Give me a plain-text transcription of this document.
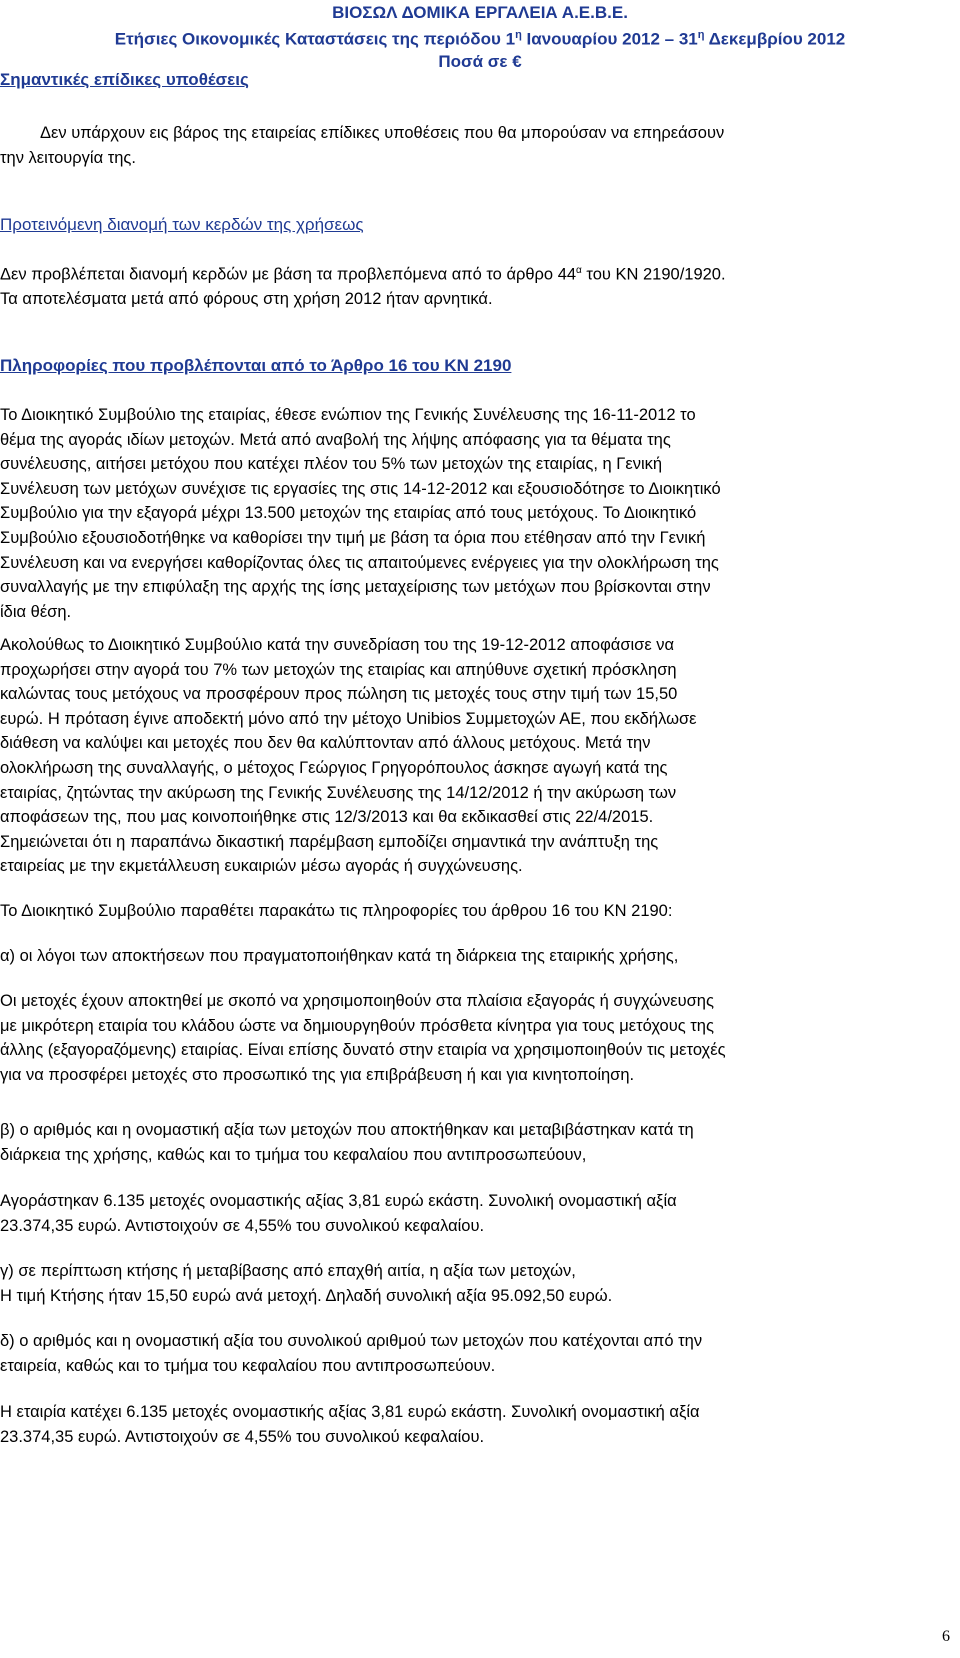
ΒΙΟΣΩΛ ΔΟΜΙΚΑ ΕΡΓΑΛΕΙΑ Α.Ε.Β.Ε.
Ετήσιες Οικονομικές Καταστάσεις της περιόδου $1^\eta$ Ιανουαρίου $2012 - 31^\eta$ Δεκεμβρίου 2012
Ποσά σε €
Σημαντικές επίδικες υποθέσεις
Δεν υπάρχουν εις βάρος της εταιρείας επίδικες υποθέσεις που θα μπορούσαν να επηρεάσουν
την λειτουργία της.
Προτεινόμενη διανομή των κερδών της χρήσεως
Δεν προβλέπεται διανομή κερδών με βάση τα προβλεπόμενα από το άρθρο $44^\alpha$ του ΚΝ 2190/1920.
Τα αποτελέσματα μετά από φόρους στη χρήση 2012 ήταν αρνητικά.
Πληροφορίες που προβλέπονται από το Άρθρο 16 του ΚΝ 2190
Το Διοικητικό Συμβούλιο της εταιρίας, έθεσε ενώπιον της Γενικής Συνέλευσης της 16-11-2012 το
θέμα της αγοράς ιδίων μετοχών. Μετά από αναβολή της λήψης απόφασης για τα θέματα της
συνέλευσης, αιτήσει μετόχου που κατέχει πλέον του 5% των μετοχών της εταιρίας, η Γενική
Συνέλευση των μετόχων συνέχισε τις εργασίες της στις 14-12-2012 και εξουσιοδότησε το Διοικητικό
Συμβούλιο για την εξαγορά μέχρι 13.500 μετοχών της εταιρίας από τους μετόχους. Το Διοικητικό
Συμβούλιο εξουσιοδοτήθηκε να καθορίσει την τιμή με βάση τα όρια που ετέθησαν από την Γενική
Συνέλευση και να ενεργήσει καθορίζοντας όλες τις απαιτούμενες ενέργειες για την ολοκλήρωση της
συναλλαγής με την επιφύλαξη της αρχής της ίσης μεταχείρισης των μετόχων που βρίσκονται στην
ίδια θέση.
Ακολούθως το Διοικητικό Συμβούλιο κατά την συνεδρίαση του της 19-12-2012 αποφάσισε να
προχωρήσει στην αγορά του 7% των μετοχών της εταιρίας και απηύθυνε σχετική πρόσκληση
καλώντας τους μετόχους να προσφέρουν προς πώληση τις μετοχές τους στην τιμή των 15,50
ευρώ. Η πρόταση έγινε αποδεκτή μόνο από την μέτοχο Unibios Συμμετοχών ΑΕ, που εκδήλωσε
διάθεση να καλύψει και μετοχές που δεν θα καλύπτονταν από άλλους μετόχους. Μετά την
ολοκλήρωση της συναλλαγής, ο μέτοχος Γεώργιος Γρηγορόπουλος άσκησε αγωγή κατά της
εταιρίας, ζητώντας την ακύρωση της Γενικής Συνέλευσης της 14/12/2012 ή την ακύρωση των
αποφάσεων της, που μας κοινοποιήθηκε στις 12/3/2013 και θα εκδικασθεί στις 22/4/2015.
Σημειώνεται ότι η παραπάνω δικαστική παρέμβαση εμποδίζει σημαντικά την ανάπτυξη της
εταιρείας με την εκμετάλλευση ευκαιριών μέσω αγοράς ή συγχώνευσης.
Το Διοικητικό Συμβούλιο παραθέτει παρακάτω τις πληροφορίες του άρθρου 16 του ΚΝ 2190:
α) οι λόγοι των αποκτήσεων που πραγματοποιήθηκαν κατά τη διάρκεια της εταιρικής χρήσης,
Οι μετοχές έχουν αποκτηθεί με σκοπό να χρησιμοποιηθούν στα πλαίσια εξαγοράς ή συγχώνευσης
με μικρότερη εταιρία του κλάδου ώστε να δημιουργηθούν πρόσθετα κίνητρα για τους μετόχους της
άλλης (εξαγοραζόμενης) εταιρίας. Είναι επίσης δυνατό στην εταιρία να χρησιμοποιηθούν τις μετοχές
για να προσφέρει μετοχές στο προσωπικό της για επιβράβευση ή και για κινητοποίηση.
β) ο αριθμός και η ονομαστική αξία των μετοχών που αποκτήθηκαν και μεταβιβάστηκαν κατά τη
διάρκεια της χρήσης, καθώς και το τμήμα του κεφαλαίου που αντιπροσωπεύουν,
Αγοράστηκαν 6.135 μετοχές ονομαστικής αξίας 3,81 ευρώ εκάστη. Συνολική ονομαστική αξία
23.374,35 ευρώ. Αντιστοιχούν σε 4,55% του συνολικού κεφαλαίου.
γ) σε περίπτωση κτήσης ή μεταβίβασης από επαχθή αιτία, η αξία των μετοχών,
Η τιμή Κτήσης ήταν 15,50 ευρώ ανά μετοχή. Δηλαδή συνολική αξία 95.092,50 ευρώ.
δ) ο αριθμός και η ονομαστική αξία του συνολικού αριθμού των μετοχών που κατέχονται από την
εταιρεία, καθώς και το τμήμα του κεφαλαίου που αντιπροσωπεύουν.
Η εταιρία κατέχει 6.135 μετοχές ονομαστικής αξίας 3,81 ευρώ εκάστη. Συνολική ονομαστική αξία
23.374,35 ευρώ. Αντιστοιχούν σε 4,55% του συνολικού κεφαλαίου.
6
